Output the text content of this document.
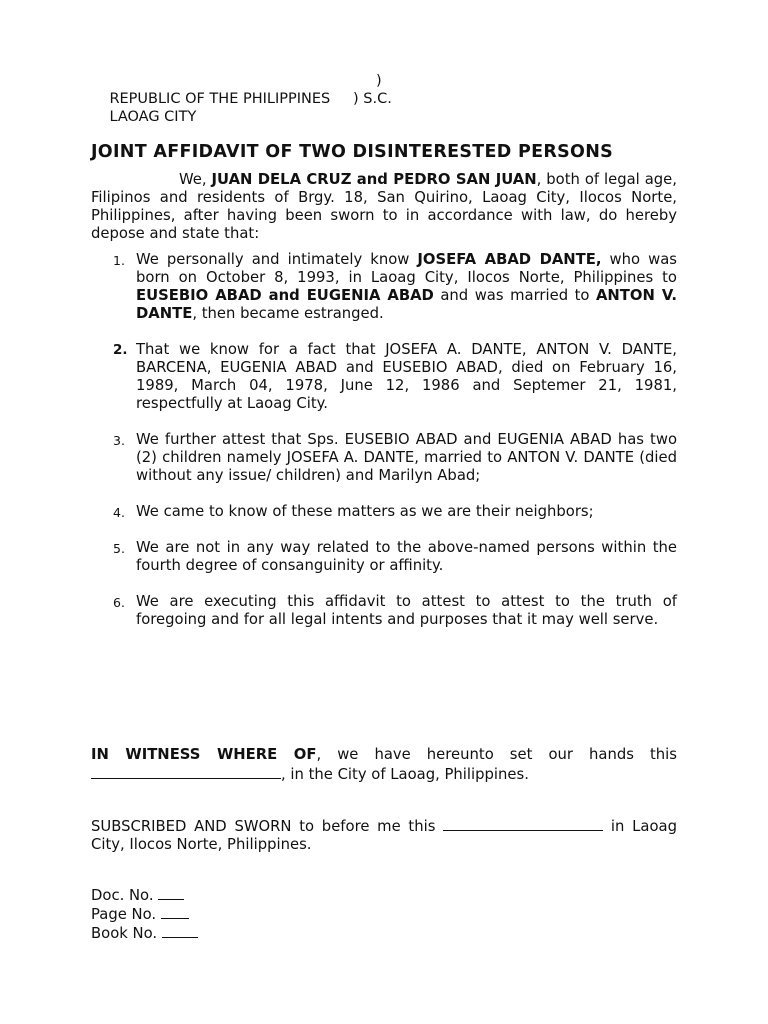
REPUBLIC OF THE PHILIPPINES

)

LAOAG CITY

) S.C.

JOINT AFFIDAVIT OF TWO DISINTERESTED PERSONS
We, JUAN DELA CRUZ and PEDRO SAN JUAN, both of legal age, Filipinos and residents of Brgy. 18, San Quirino, Laoag City, Ilocos Norte, Philippines, after having been sworn to in accordance with law, do hereby depose and state that:
1. We personally and intimately know JOSEFA ABAD DANTE, who was born on October 8, 1993, in Laoag City, Ilocos Norte, Philippines to EUSEBIO ABAD and EUGENIA ABAD and was married to ANTON V. DANTE, then became estranged.
2. That we know for a fact that JOSEFA A. DANTE, ANTON V. DANTE, BARCENA, EUGENIA ABAD and EUSEBIO ABAD, died on February 16, 1989, March 04, 1978, June 12, 1986 and Septemer 21, 1981, respectfully at Laoag City.
3. We further attest that Sps. EUSEBIO ABAD and EUGENIA ABAD has two (2) children namely JOSEFA A. DANTE, married to ANTON V. DANTE (died without any issue/ children) and Marilyn Abad;
4. We came to know of these matters as we are their neighbors;
5. We are not in any way related to the above-named persons within the fourth degree of consanguinity or affinity.
6. We are executing this affidavit to attest to attest to the truth of foregoing and for all legal intents and purposes that it may well serve.
IN WITNESS WHERE OF, we have hereunto set our hands this , in the City of Laoag, Philippines.
SUBSCRIBED AND SWORN to before me this	in Laoag City, Ilocos Norte, Philippines.
Doc. No.
Page No.
Book No.
